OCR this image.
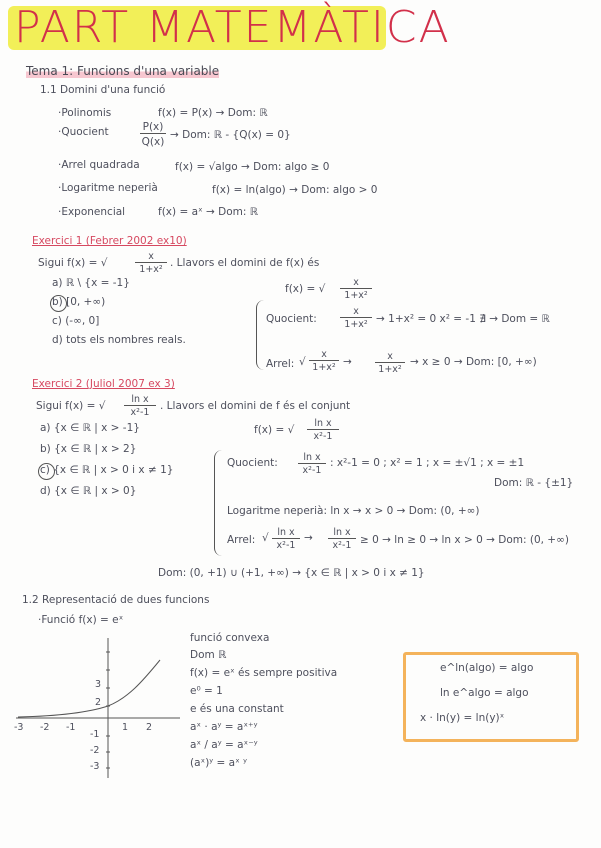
PART MATEMÀTICA
Tema 1: Funcions d'una variable
1.1 Domini d'una funció
·Polinomis	f(x) = P(x) → Dom: ℝ
·Quocient	P(x)
Q(x)
→ Dom: ℝ - {Q(x) = 0}
·Arrel quadrada	f(x) = √algo → Dom: algo ≥ 0
·Logaritme neperià	f(x) = ln(algo) → Dom: algo > 0
·Exponencial	f(x) = aˣ → Dom: ℝ
Exercici 1 (Febrer 2002 ex10)
Sigui f(x) = √
x
1+x²
. Llavors el domini de f(x) és
a) ℝ \ {x = -1}
b) [0, +∞)
c) (-∞, 0]
d) tots els nombres reals.
f(x) = √
x
1+x²
Quocient:
x
1+x² → 1+x² = 0 x² = -1 ∄ → Dom = ℝ
Arrel: √
x
1+x² →	x
1+x²
→ x ≥ 0 → Dom: [0, +∞)
Exercici 2 (Juliol 2007 ex 3)
Sigui f(x) = √
ln x
x²-1
. Llavors el domini de f és el conjunt
a) {x ∈ ℝ | x > -1}
b) {x ∈ ℝ | x > 2}
c) {x ∈ ℝ | x > 0 i x ≠ 1}
d) {x ∈ ℝ | x > 0}
f(x) = √
ln x
x²-1
Quocient:	ln x
x²-1
: x²-1 = 0 ; x² = 1 ; x = ±√1 ; x = ±1
Dom: ℝ - {±1}
Logaritme neperià: ln x → x > 0 → Dom: (0, +∞)
Arrel: √ ln x
x²-1
→	ln x
x²-1 ≥ 0 → ln ≥ 0 → ln x > 0 → Dom: (0, +∞)
Dom: (0, +1) ∪ (+1, +∞) → {x ∈ ℝ | x > 0 i x ≠ 1}
1.2 Representació de dues funcions
·Funció f(x) = eˣ
3
2
-1
-2
-3
-3 -2 -1	1 2
funció convexa
Dom ℝ
f(x) = eˣ és sempre positiva
e⁰ = 1
e és una constant
aˣ · aʸ = aˣ⁺ʸ
aˣ / aʸ = aˣ⁻ʸ
(aˣ)ʸ = aˣ ʸ
e^ln(algo) = algo
ln e^algo = algo
x · ln(y) = ln(y)ˣ
